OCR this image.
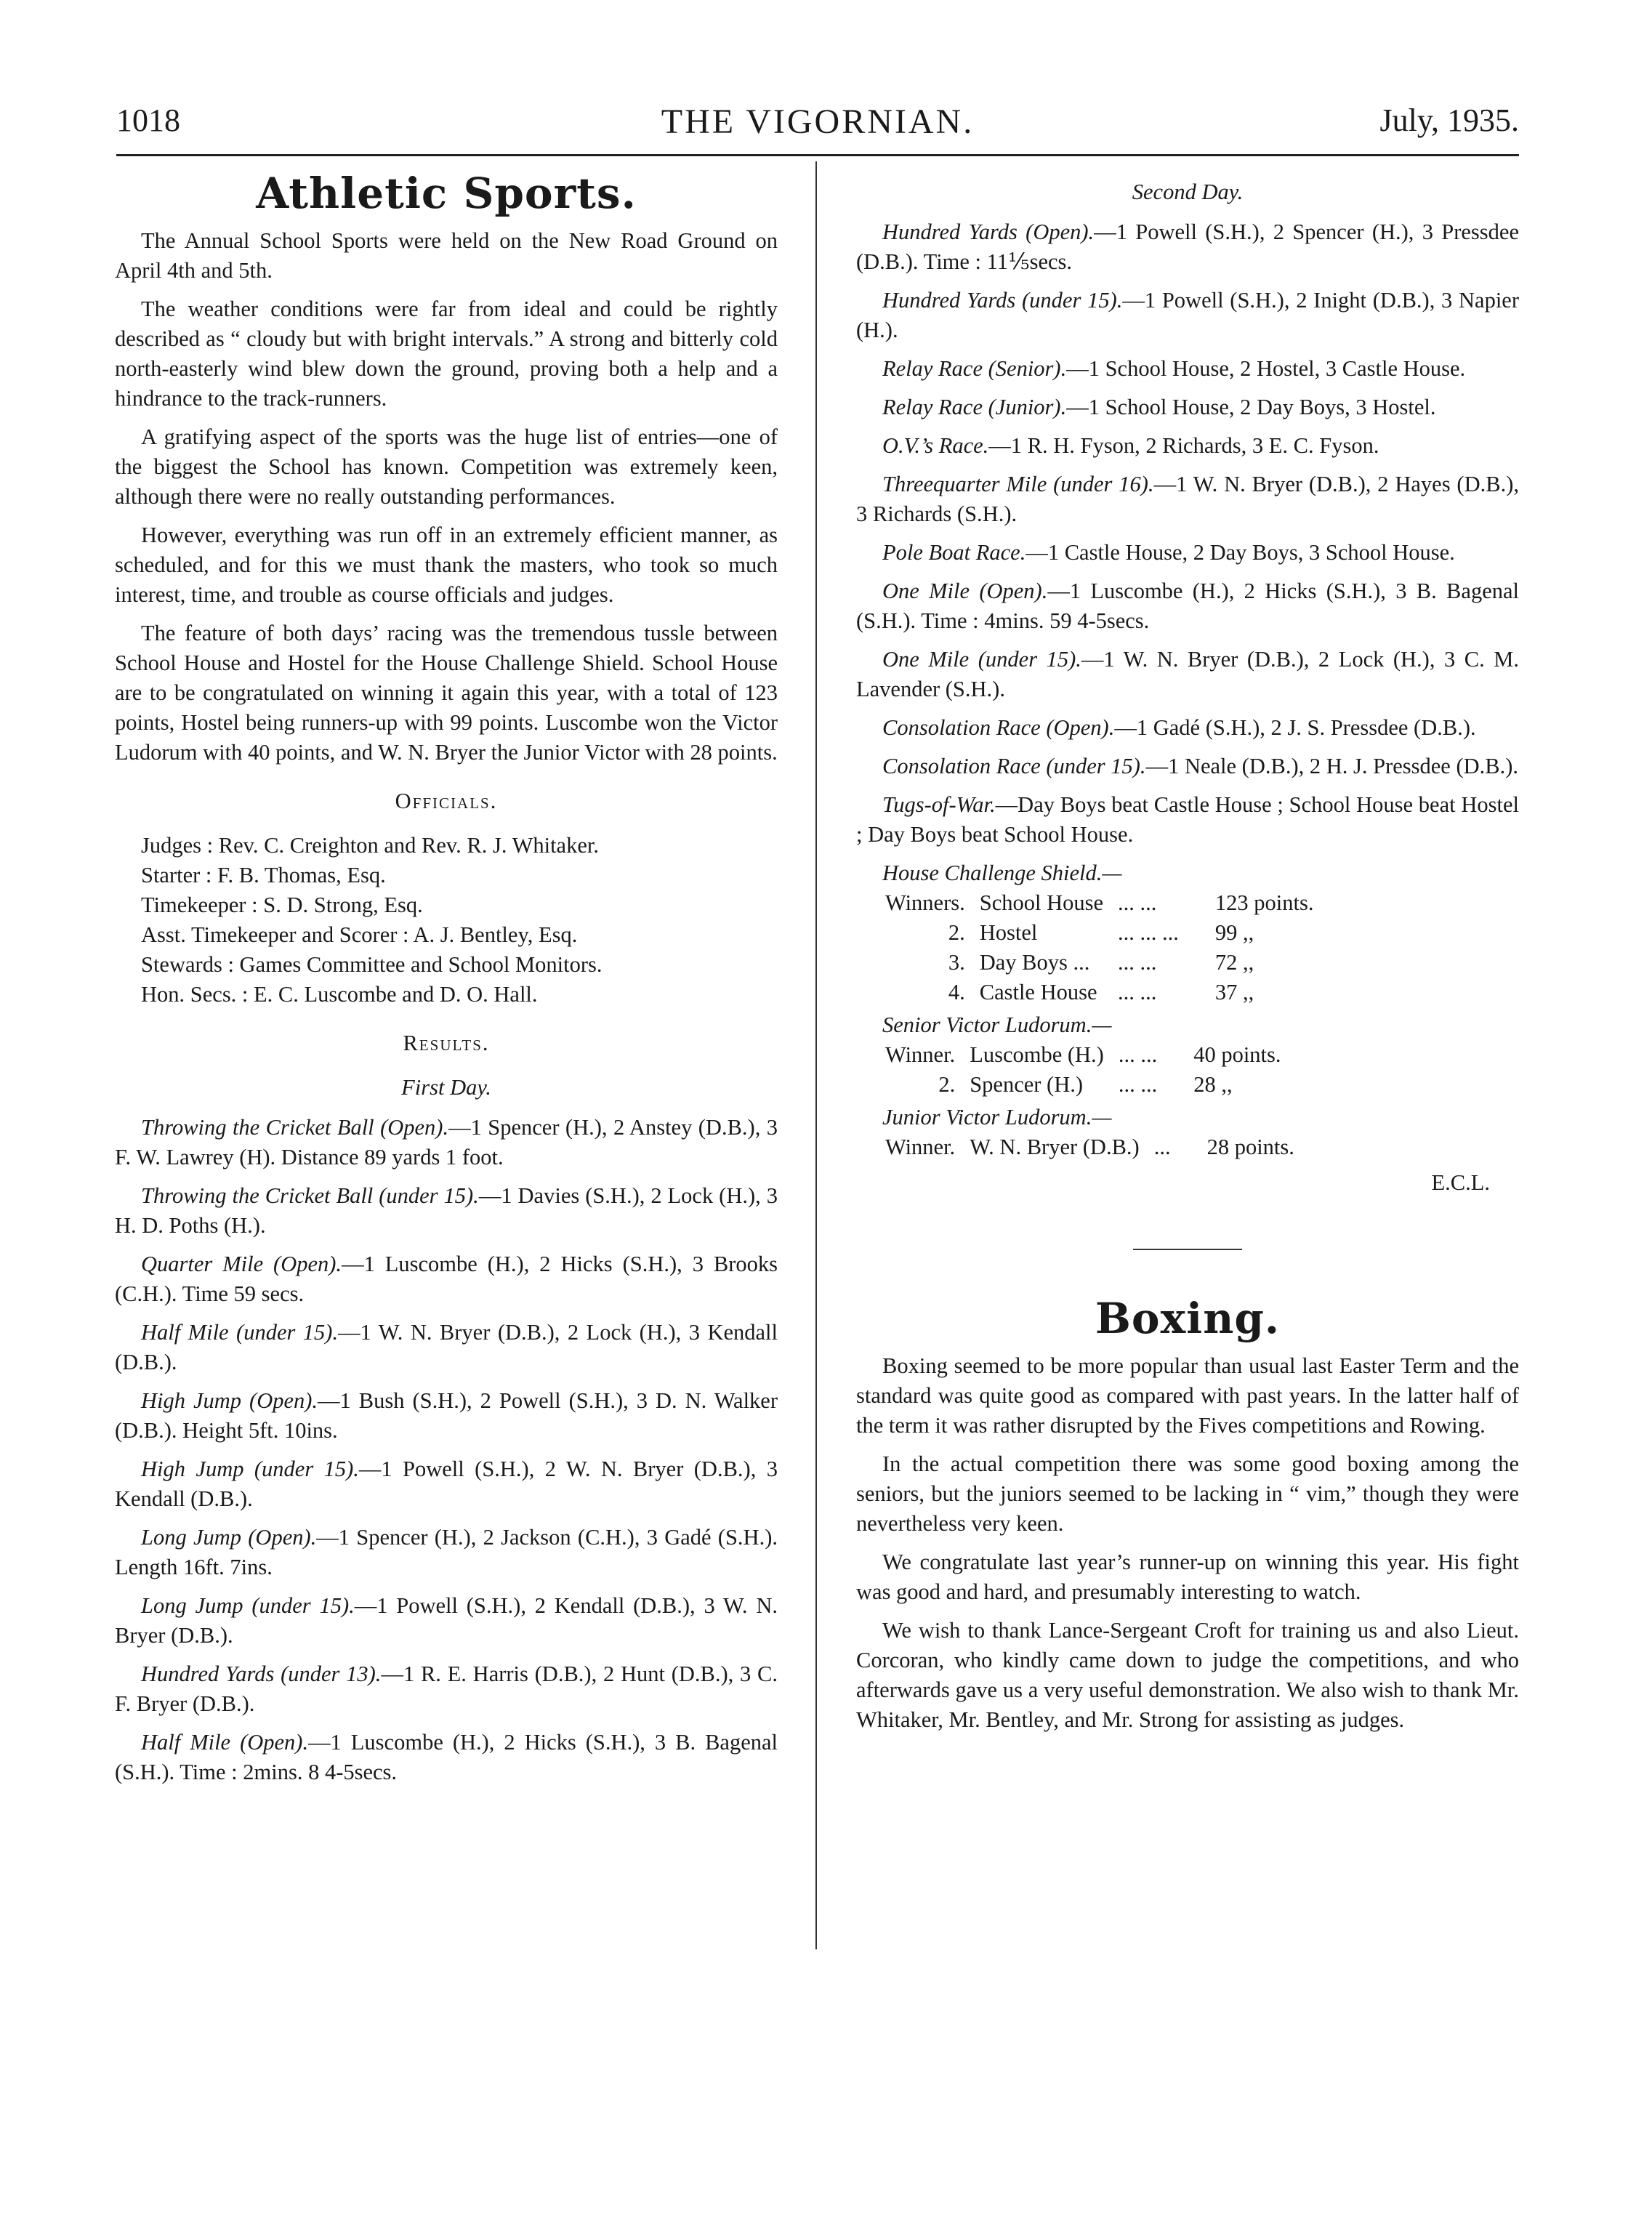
1018	THE VIGORNIAN.	July, 1935.
Athletic Sports.

The Annual School Sports were held on the New Road Ground on April 4th and 5th.

The weather conditions were far from ideal and could be rightly described as “ cloudy but with bright intervals.” A strong and bitterly cold north-easterly wind blew down the ground, proving both a help and a hindrance to the track-runners.

A gratifying aspect of the sports was the huge list of entries—one of the biggest the School has known. Competition was extremely keen, although there were no really outstanding performances.

However, everything was run off in an extremely efficient manner, as scheduled, and for this we must thank the masters, who took so much interest, time, and trouble as course officials and judges.

The feature of both days’ racing was the tremendous tussle between School House and Hostel for the House Challenge Shield. School House are to be congratulated on winning it again this year, with a total of 123 points, Hostel being runners-up with 99 points. Luscombe won the Victor Ludorum with 40 points, and W. N. Bryer the Junior Victor with 28 points.

Officials.
Judges : Rev. C. Creighton and Rev. R. J. Whitaker.
Starter : F. B. Thomas, Esq.
Timekeeper : S. D. Strong, Esq.
Asst. Timekeeper and Scorer : A. J. Bentley, Esq.
Stewards : Games Committee and School Monitors.
Hon. Secs. : E. C. Luscombe and D. O. Hall.
Results.
First Day.

Throwing the Cricket Ball (Open).—1 Spencer (H.), 2 Anstey (D.B.), 3 F. W. Lawrey (H). Distance 89 yards 1 foot.

Throwing the Cricket Ball (under 15).—1 Davies (S.H.), 2 Lock (H.), 3 H. D. Poths (H.).

Quarter Mile (Open).—1 Luscombe (H.), 2 Hicks (S.H.), 3 Brooks (C.H.). Time 59 secs.

Half Mile (under 15).—1 W. N. Bryer (D.B.), 2 Lock (H.), 3 Kendall (D.B.).

High Jump (Open).—1 Bush (S.H.), 2 Powell (S.H.), 3 D. N. Walker (D.B.). Height 5ft. 10ins.

High Jump (under 15).—1 Powell (S.H.), 2 W. N. Bryer (D.B.), 3 Kendall (D.B.).

Long Jump (Open).—1 Spencer (H.), 2 Jackson (C.H.), 3 Gadé (S.H.). Length 16ft. 7ins.

Long Jump (under 15).—1 Powell (S.H.), 2 Kendall (D.B.), 3 W. N. Bryer (D.B.).

Hundred Yards (under 13).—1 R. E. Harris (D.B.), 2 Hunt (D.B.), 3 C. F. Bryer (D.B.).

Half Mile (Open).—1 Luscombe (H.), 2 Hicks (S.H.), 3 B. Bagenal (S.H.). Time : 2mins. 8 4-5secs.

Second Day.

Hundred Yards (Open).—1 Powell (S.H.), 2 Spencer (H.), 3 Pressdee (D.B.). Time : 11⅕secs.

Hundred Yards (under 15).—1 Powell (S.H.), 2 Inight (D.B.), 3 Napier (H.).

Relay Race (Senior).—1 School House, 2 Hostel, 3 Castle House.

Relay Race (Junior).—1 School House, 2 Day Boys, 3 Hostel.

O.V.’s Race.—1 R. H. Fyson, 2 Richards, 3 E. C. Fyson.

Threequarter Mile (under 16).—1 W. N. Bryer (D.B.), 2 Hayes (D.B.), 3 Richards (S.H.).

Pole Boat Race.—1 Castle House, 2 Day Boys, 3 School House.

One Mile (Open).—1 Luscombe (H.), 2 Hicks (S.H.), 3 B. Bagenal (S.H.). Time : 4mins. 59 4-5secs.

One Mile (under 15).—1 W. N. Bryer (D.B.), 2 Lock (H.), 3 C. M. Lavender (S.H.).

Consolation Race (Open).—1 Gadé (S.H.), 2 J. S. Pressdee (D.B.).

Consolation Race (under 15).—1 Neale (D.B.), 2 H. J. Pressdee (D.B.).

Tugs-of-War.—Day Boys beat Castle House ; School House beat Hostel ; Day Boys beat School House.

House Challenge Shield.—
Winners.	School House	... ...	123 points.
2.	Hostel	... ... ...	99 ,,
3.	Day Boys ...	... ...	72 ,,
4.	Castle House	... ...	37 ,,
Senior Victor Ludorum.—
Winner.	Luscombe (H.)	... ...	40 points.
2.	Spencer (H.)	... ...	28 ,,
Junior Victor Ludorum.—
Winner.	W. N. Bryer (D.B.)	...	28 points.
E.C.L.
Boxing.

Boxing seemed to be more popular than usual last Easter Term and the standard was quite good as compared with past years. In the latter half of the term it was rather disrupted by the Fives competitions and Rowing.

In the actual competition there was some good boxing among the seniors, but the juniors seemed to be lacking in “ vim,” though they were nevertheless very keen.

We congratulate last year’s runner-up on winning this year. His fight was good and hard, and presumably interesting to watch.

We wish to thank Lance-Sergeant Croft for training us and also Lieut. Corcoran, who kindly came down to judge the competitions, and who afterwards gave us a very useful demonstration. We also wish to thank Mr. Whitaker, Mr. Bentley, and Mr. Strong for assisting as judges.
